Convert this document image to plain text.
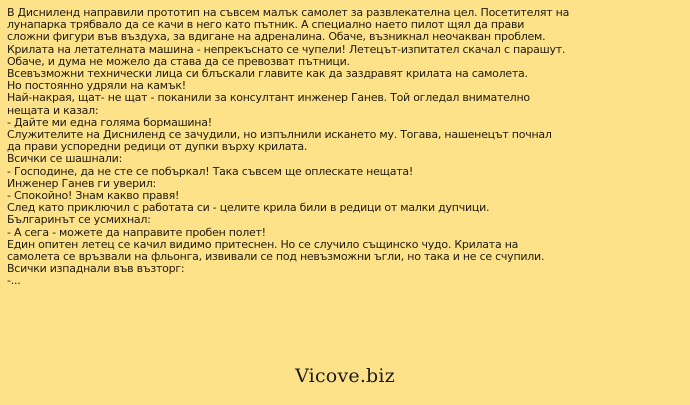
В Дисниленд направили прототип на съвсем малък самолет за развлекателна цел. Посетителят на
лунапарка трябвало да се качи в него като пътник. А специално наето пилот щял да прави
сложни фигури във въздуха, за вдигане на адреналина. Обаче, възникнал неочакван проблем.
Крилата на летателната машина - непрекъснато се чупели! Летецът-изпитател скачал с парашут.
Обаче, и дума не можело да става да се превозват пътници.
Всевъзможни технически лица си блъскали главите как да заздравят крилата на самолета.
Но постоянно удряли на камък!
Най-накрая, щат- не щат - поканили за консултант инженер Ганев. Той огледал внимателно
нещата и казал:
- Дайте ми една голяма бормашина!
Служителите на Дисниленд се зачудили, но изпълнили искането му. Тогава, нашенецът почнал
да прави успоредни редици от дупки върху крилата.
Всички се шашнали:
- Господине, да не сте се побъркал! Така съвсем ще оплескате нещата!
Инженер Ганев ги уверил:
- Спокойно! Знам какво правя!
След като приключил с работата си - целите крила били в редици от малки дупчици.
Българинът се усмихнал:
- А сега - можете да направите пробен полет!
Един опитен летец се качил видимо притеснен. Но се случило същинско чудо. Крилата на
самолета се връзвали на фльонга, извивали се под невъзможни ъгли, но така и не се счупили.
Всички изпаднали във възторг:
-...
Vicove.biz
